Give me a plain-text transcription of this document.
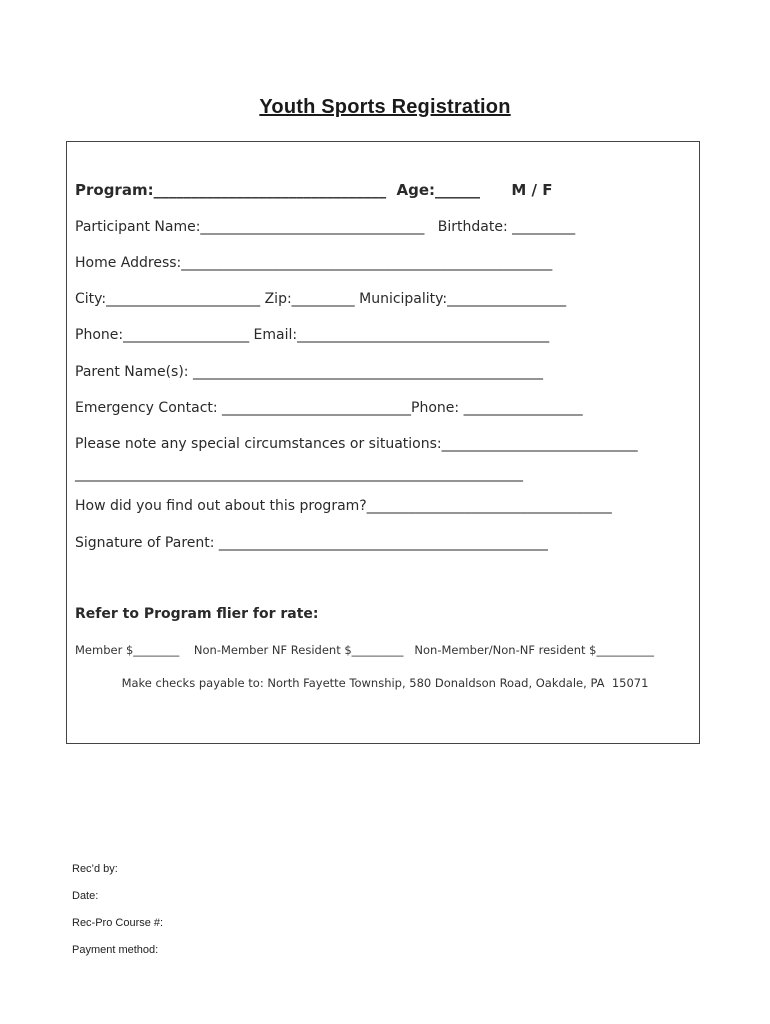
Youth Sports Registration
Program:_______________________________  Age:______      M / F
Participant Name:________________________________   Birthdate: _________
Home Address:_____________________________________________________
City:______________________ Zip:_________ Municipality:_________________
Phone:__________________ Email:____________________________________
Parent Name(s): __________________________________________________
Emergency Contact: ___________________________Phone: _________________
Please note any special circumstances or situations:____________________________
________________________________________________________________
How did you find out about this program?___________________________________
Signature of Parent: _______________________________________________
Refer to Program flier for rate:
Member $________    Non-Member NF Resident $_________   Non-Member/Non-NF resident $__________
Make checks payable to: North Fayette Township, 580 Donaldson Road, Oakdale, PA  15071
Rec’d by:
Date:
Rec-Pro Course #:
Payment method:
